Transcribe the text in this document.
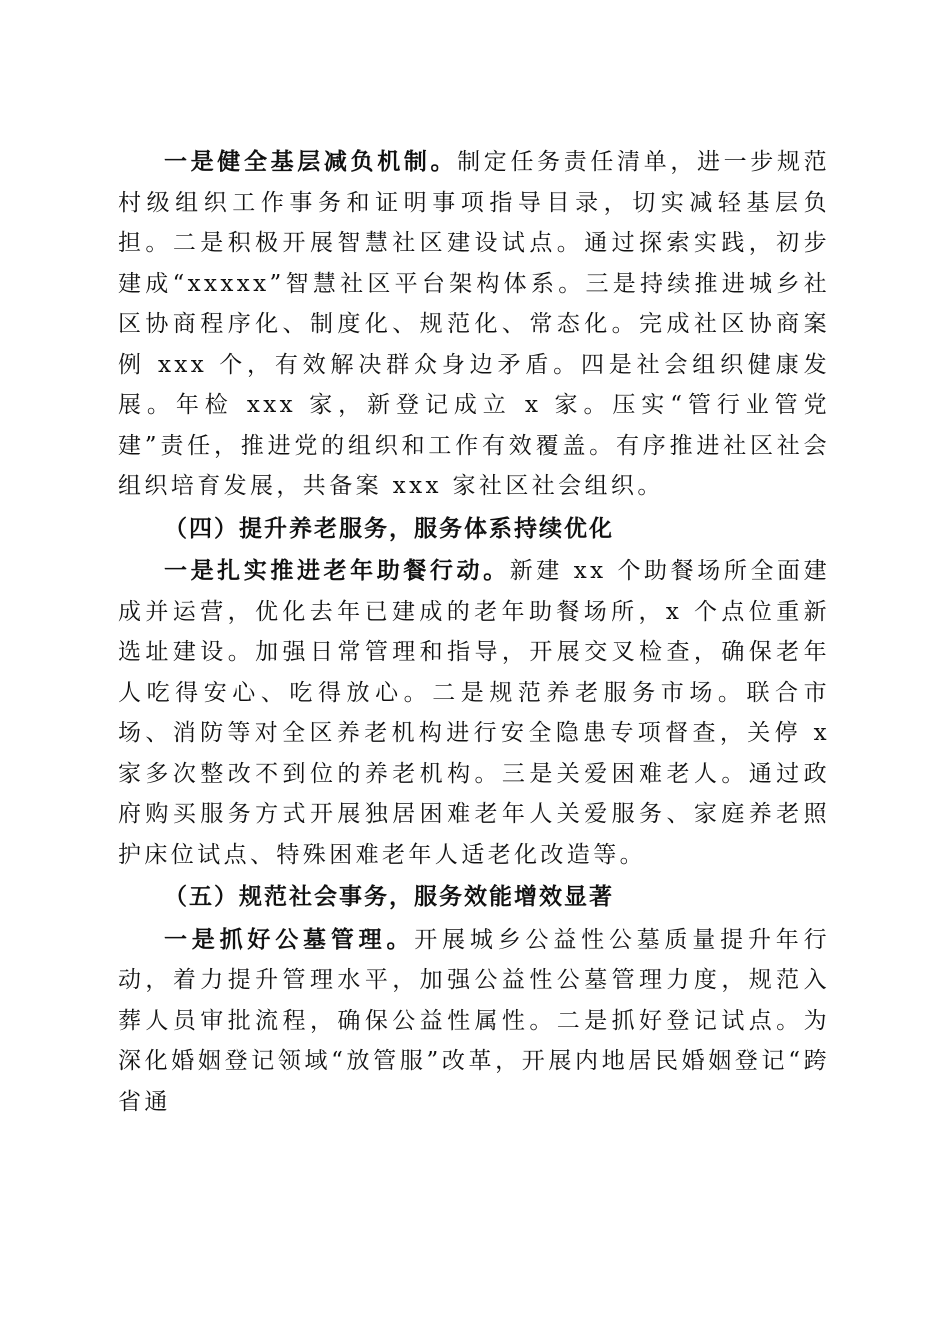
一是健全基层减负机制。制定任务责任清单，进一步规范村级组织工作事务和证明事项指导目录，切实减轻基层负担。二是积极开展智慧社区建设试点。通过探索实践，初步建成“xxxxx”智慧社区平台架构体系。三是持续推进城乡社区协商程序化、制度化、规范化、常态化。完成社区协商案例 xxx 个，有效解决群众身边矛盾。四是社会组织健康发展。年检 xxx 家，新登记成立 x 家。压实“管行业管党建”责任，推进党的组织和工作有效覆盖。有序推进社区社会组织培育发展，共备案 xxx 家社区社会组织。

（四）提升养老服务，服务体系持续优化

一是扎实推进老年助餐行动。新建 xx 个助餐场所全面建成并运营，优化去年已建成的老年助餐场所，x 个点位重新选址建设。加强日常管理和指导，开展交叉检查，确保老年人吃得安心、吃得放心。二是规范养老服务市场。联合市场、消防等对全区养老机构进行安全隐患专项督查，关停 x 家多次整改不到位的养老机构。三是关爱困难老人。通过政府购买服务方式开展独居困难老年人关爱服务、家庭养老照护床位试点、特殊困难老年人适老化改造等。

（五）规范社会事务，服务效能增效显著

一是抓好公墓管理。开展城乡公益性公墓质量提升年行动，着力提升管理水平，加强公益性公墓管理力度，规范入葬人员审批流程，确保公益性属性。二是抓好登记试点。为深化婚姻登记领域“放管服”改革，开展内地居民婚姻登记“跨省通
